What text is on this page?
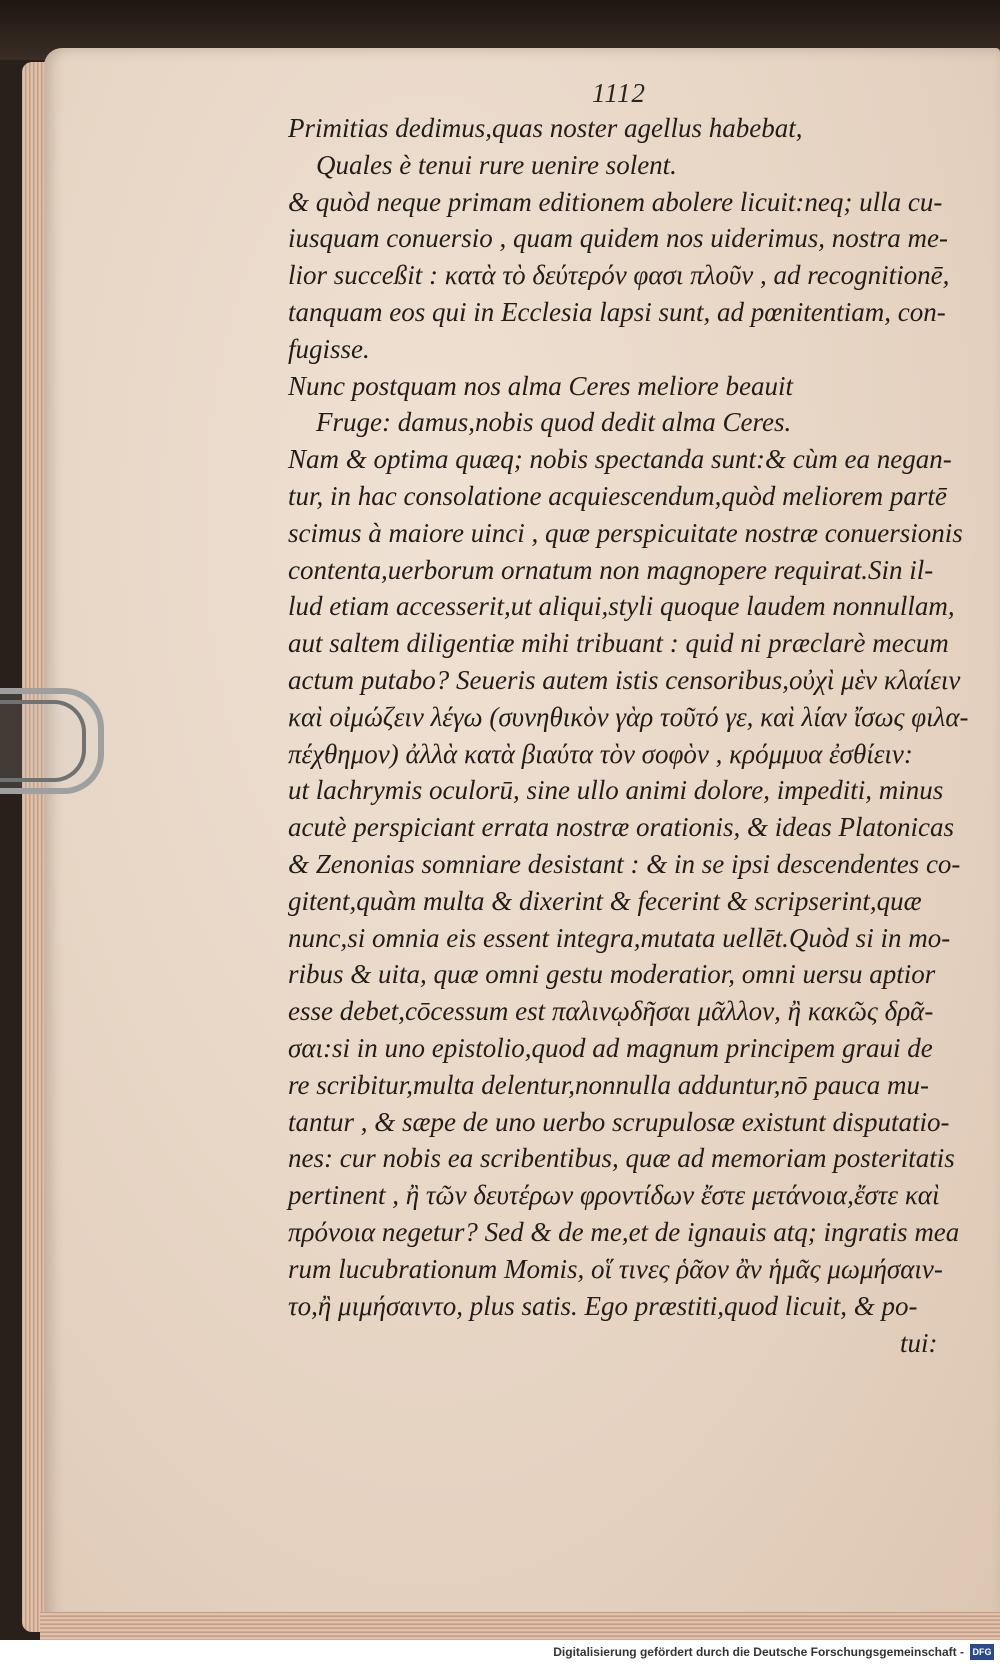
1112
Primitias dedimus,quas noster agellus habebat,
Quales è tenui rure uenire solent.
& quòd neque primam editionem abolere licuit:neq; ulla cu-
iusquam conuersio , quam quidem nos uiderimus, nostra me-
lior succeßit : κατὰ τὸ δεύτερόν φασι πλοῦν , ad recognitionē,
tanquam eos qui in Ecclesia lapsi sunt, ad pœnitentiam, con-
fugisse.
Nunc postquam nos alma Ceres meliore beauit
Fruge: damus,nobis quod dedit alma Ceres.
Nam & optima quæq; nobis spectanda sunt:& cùm ea negan-
tur, in hac consolatione acquiescendum,quòd meliorem partē
scimus à maiore uinci , quæ perspicuitate nostræ conuersionis
contenta,uerborum ornatum non magnopere requirat.Sin il-
lud etiam accesserit,ut aliqui,styli quoque laudem nonnullam,
aut saltem diligentiæ mihi tribuant : quid ni præclarè mecum
actum putabo? Seueris autem istis censoribus,οὐχὶ μὲν κλαίειν
καὶ οἰμώζειν λέγω (συνηθικὸν γὰρ τοῦτό γε, καὶ λίαν ἴσως φιλα-
πέχθημον) ἀλλὰ κατὰ βιαύτα τὸν σοφὸν , κρόμμυα ἐσθίειν:
ut lachrymis oculorū, sine ullo animi dolore, impediti, minus
acutè perspiciant errata nostræ orationis, & ideas Platonicas
& Zenonias somniare desistant : & in se ipsi descendentes co-
gitent,quàm multa & dixerint & fecerint & scripserint,quæ
nunc,si omnia eis essent integra,mutata uellēt.Quòd si in mo-
ribus & uita, quæ omni gestu moderatior, omni uersu aptior
esse debet,cōcessum est παλινῳδῆσαι μᾶλλον, ἢ κακῶς δρᾶ-
σαι:si in uno epistolio,quod ad magnum principem graui de
re scribitur,multa delentur,nonnulla adduntur,nō pauca mu-
tantur , & sæpe de uno uerbo scrupulosæ existunt disputatio-
nes: cur nobis ea scribentibus, quæ ad memoriam posteritatis
pertinent , ἢ τῶν δευτέρων φροντίδων ἔστε μετάνοια,ἔστε καὶ
πρόνοια negetur? Sed & de me,et de ignauis atq; ingratis mea
rum lucubrationum Momis, οἵ τινες ῥᾶον ἂν ἡμᾶς μωμήσαιν-
το,ἢ μιμήσαιντο, plus satis. Ego præstiti,quod licuit, & po-
tui:
Digitalisierung gefördert durch die Deutsche Forschungsgemeinschaft - DFG
